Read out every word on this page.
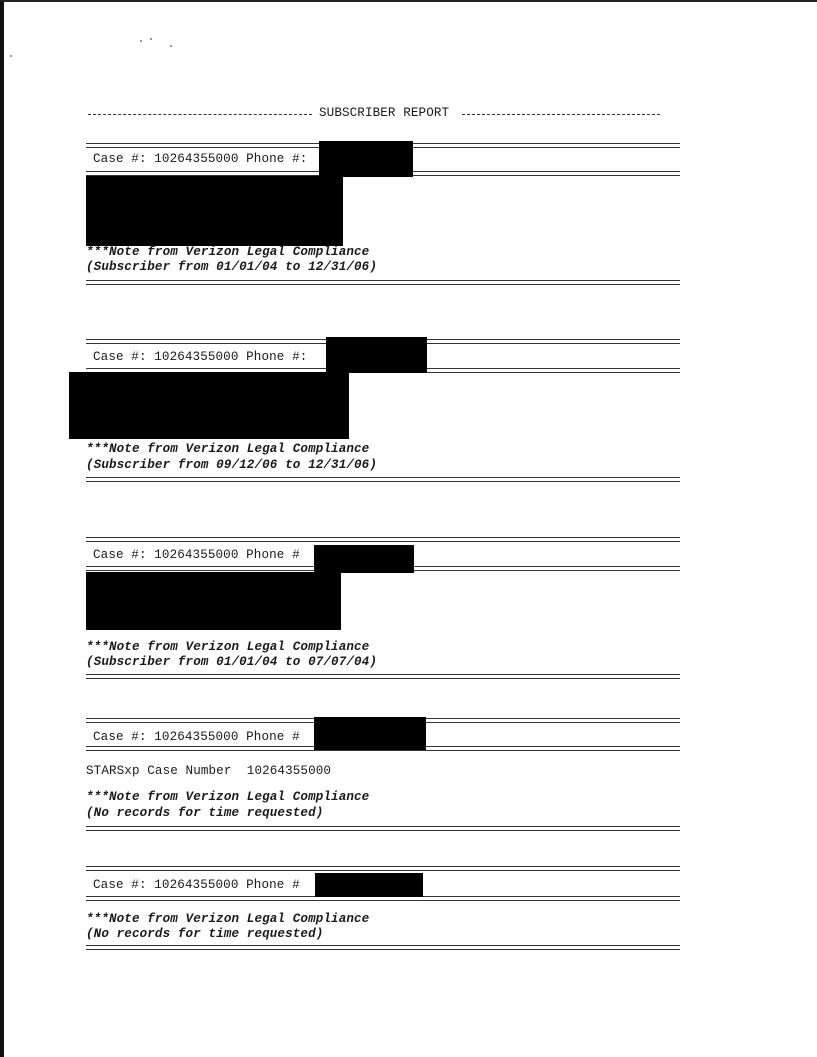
SUBSCRIBER REPORT
Case #: 10264355000 Phone #:
***Note from Verizon Legal Compliance
(Subscriber from 01/01/04 to 12/31/06)
Case #: 10264355000 Phone #:
***Note from Verizon Legal Compliance
(Subscriber from 09/12/06 to 12/31/06)
Case #: 10264355000 Phone #
***Note from Verizon Legal Compliance
(Subscriber from 01/01/04 to 07/07/04)
Case #: 10264355000 Phone #
STARSxp Case Number  10264355000
***Note from Verizon Legal Compliance
(No records for time requested)
Case #: 10264355000 Phone #
***Note from Verizon Legal Compliance
(No records for time requested)
